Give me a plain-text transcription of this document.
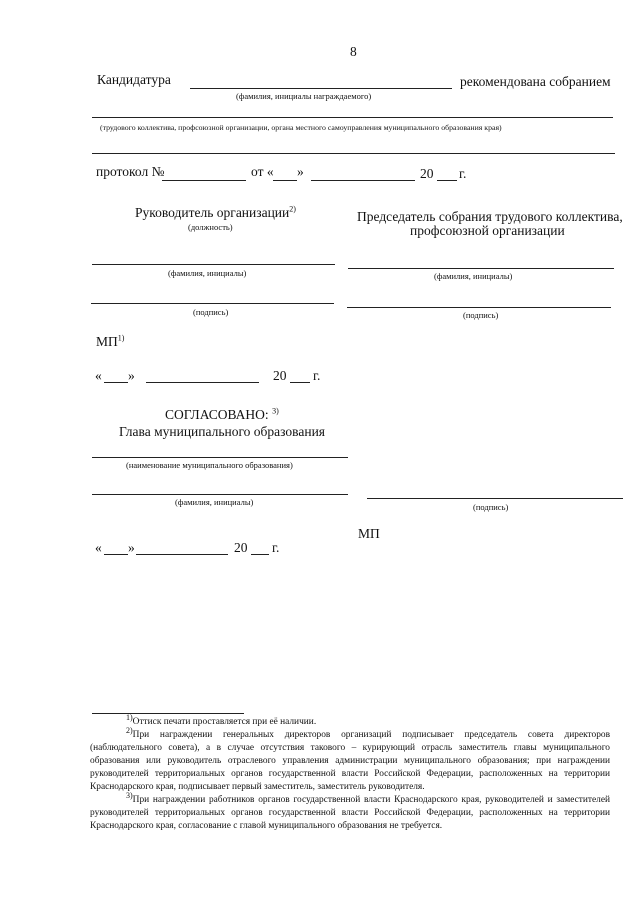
8
Кандидатура	рекомендована собранием
(фамилия, инициалы награждаемого)
(трудового коллектива, профсоюзной организации, органа местного самоуправления муниципального образования края)
протокол №	от « »	20 г.
Руководитель организации$^{2)}$
(должность)
Председатель собрания трудового коллектива,
профсоюзной организации
(фамилия, инициалы)	(фамилия, инициалы)
(подпись)	(подпись)
МП$^{1)}$
« »	20 г.
СОГЛАСОВАНО: $^{3)}$
Глава муниципального образования
(наименование муниципального образования)
(фамилия, инициалы)	(подпись)
МП
« »	20 г.

1)Оттиск печати проставляется при её наличии.

2)При награждении генеральных директоров организаций подписывает председатель совета директоров (наблюдательного совета), а в случае отсутствия такового – курирующий отрасль заместитель главы муниципального образования или руководитель отраслевого управления администрации муниципального образования; при награждении руководителей территориальных органов государственной власти Российской Федерации, расположенных на территории Краснодарского края, подписывает первый заместитель, заместитель руководителя.

3)При награждении работников органов государственной власти Краснодарского края, руководителей и заместителей руководителей территориальных органов государственной власти Российской Федерации, расположенных на территории Краснодарского края, согласование с главой муниципального образования не требуется.
